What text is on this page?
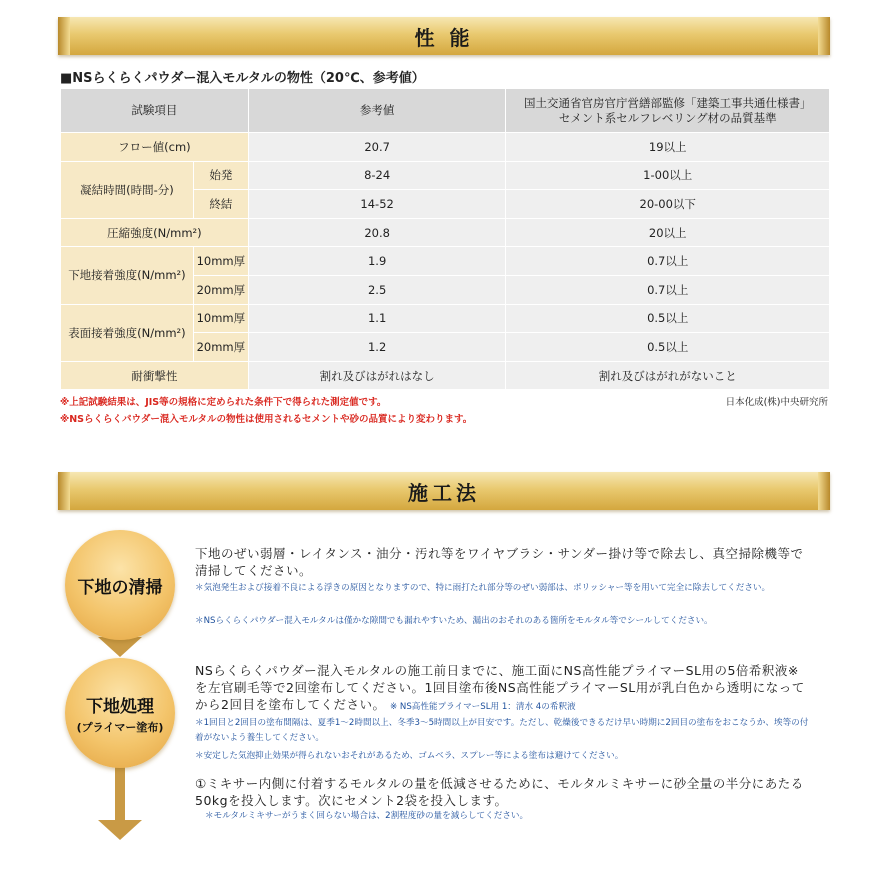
性 能
■NSらくらくパウダー混入モルタルの物性（20℃、参考値）
試験項目		参考値	国土交通省官房官庁営繕部監修「建築工事共通仕様書」
セメント系セルフレベリング材の品質基準
フロー値(cm)		20.7	19以上
凝結時間(時間-分)	始発	8-24	1-00以上
	終結	14-52	20-00以下
圧縮強度(N/mm²)		20.8	20以上
下地接着強度(N/mm²)	10mm厚	1.9	0.7以上
	20mm厚	2.5	0.7以上
表面接着強度(N/mm²)	10mm厚	1.1	0.5以上
	20mm厚	1.2	0.5以上
耐衝撃性		割れ及びはがれはなし	割れ及びはがれがないこと
※上記試験結果は、JIS等の規格に定められた条件下で得られた測定値です。
※NSらくらくパウダー混入モルタルの物性は使用されるセメントや砂の品質により変わります。
日本化成(株)中央研究所
施工法
下地の清掃
下地のぜい弱層・レイタンス・油分・汚れ等をワイヤブラシ・サンダー掛け等で除去し、真空掃除機等で清掃してください。
＊気泡発生および接着不良による浮きの原因となりますので、特に雨打たれ部分等のぜい弱部は、ポリッシャー等を用いて完全に除去してください。
＊NSらくらくパウダー混入モルタルは僅かな隙間でも漏れやすいため、漏出のおそれのある箇所をモルタル等でシールしてください。
下地処理
(プライマー塗布)
NSらくらくパウダー混入モルタルの施工前日までに、施工面にNS高性能プライマーSL用の5倍希釈液※を左官刷毛等で2回塗布してください。1回目塗布後NS高性能プライマーSL用が乳白色から透明になってから2回目を塗布してください。 ※ NS高性能プライマーSL用 1：清水 4の希釈液
＊1回目と2回目の塗布間隔は、夏季1～2時間以上、冬季3～5時間以上が目安です。ただし、乾燥後できるだけ早い時期に2回目の塗布をおこなうか、埃等の付着がないよう養生してください。
＊安定した気泡抑止効果が得られないおそれがあるため、ゴムベラ、スプレー等による塗布は避けてください。
①ミキサー内側に付着するモルタルの量を低減させるために、モルタルミキサーに砂全量の半分にあたる50kgを投入します。次にセメント2袋を投入します。
＊モルタルミキサーがうまく回らない場合は、2割程度砂の量を減らしてください。
